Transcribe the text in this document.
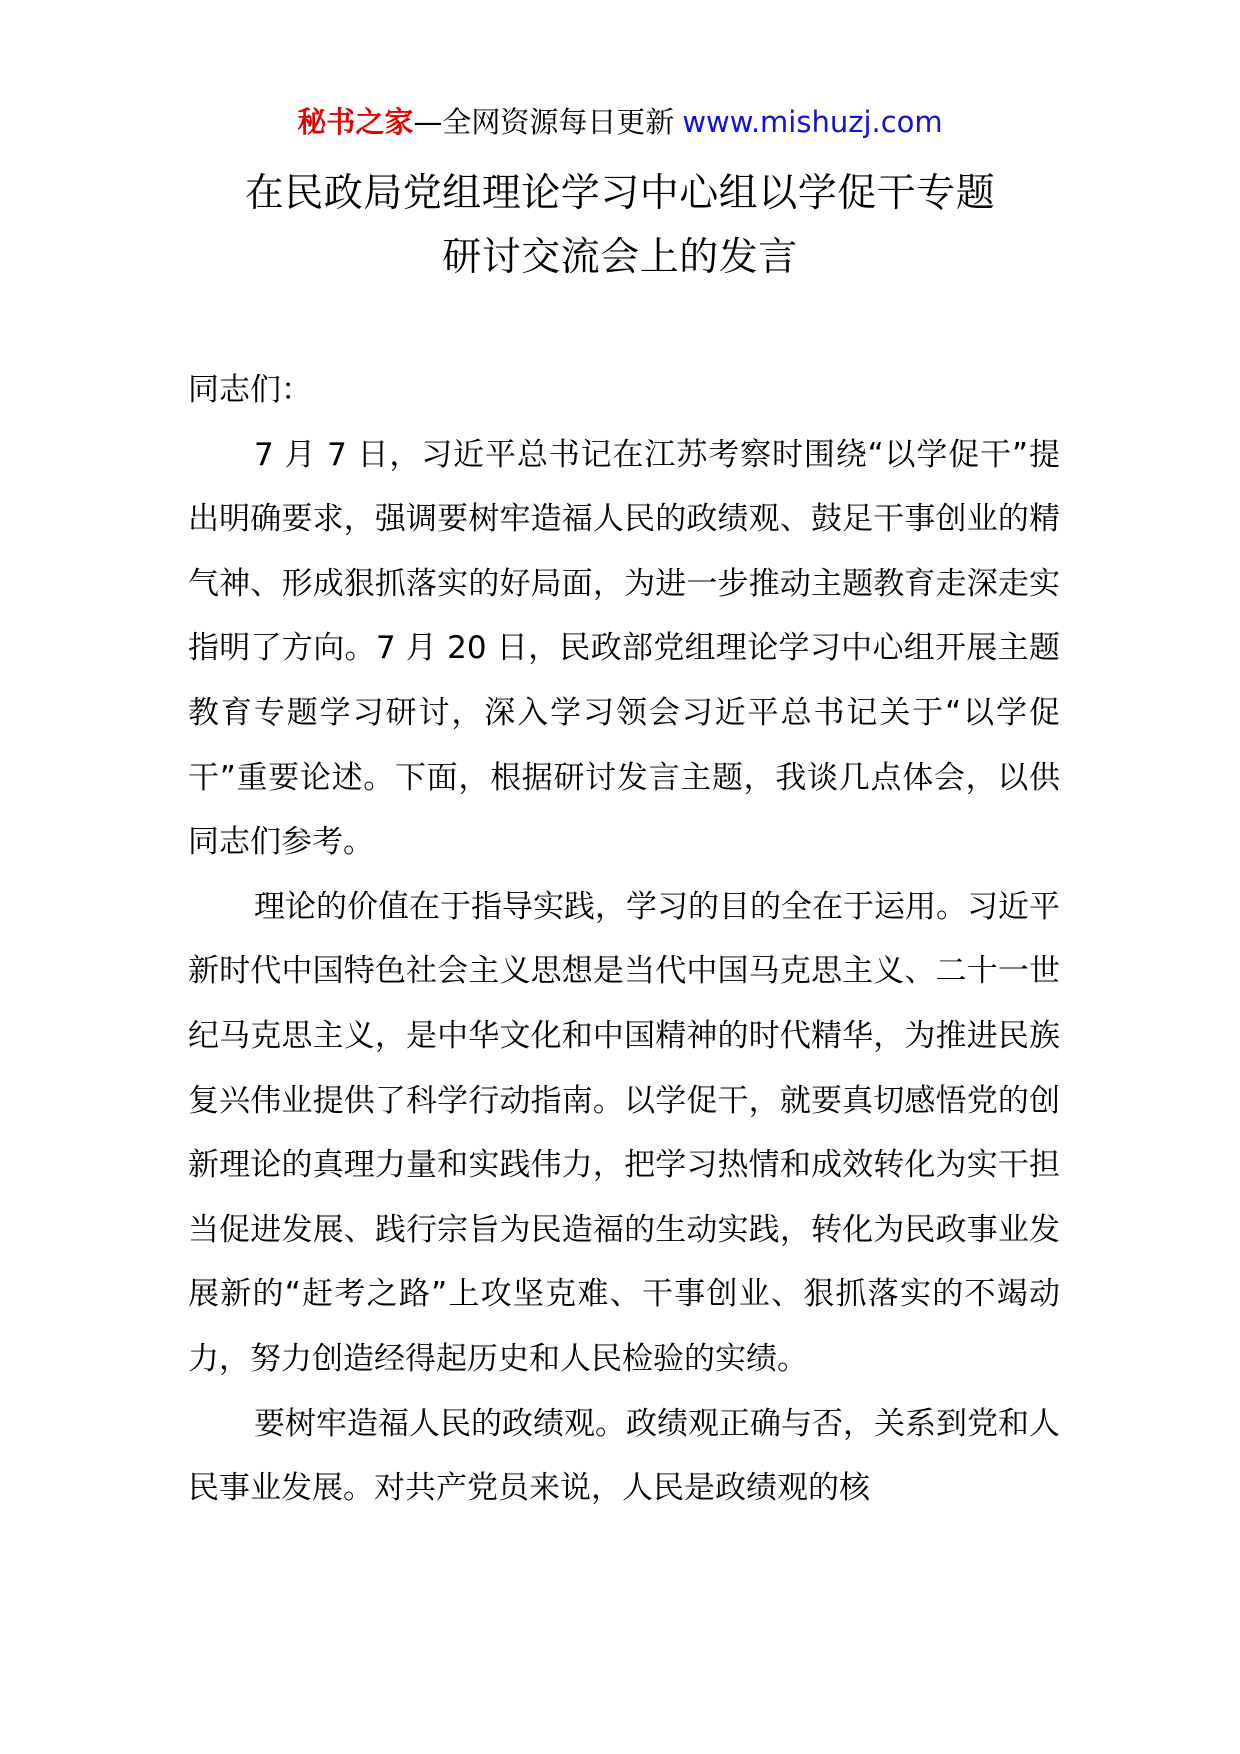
秘书之家—全网资源每日更新 www.mishuzj.com
在民政局党组理论学习中心组以学促干专题
研讨交流会上的发言

同志们：

7 月 7 日，习近平总书记在江苏考察时围绕“以学促干”提出明确要求，强调要树牢造福人民的政绩观、鼓足干事创业的精气神、形成狠抓落实的好局面，为进一步推动主题教育走深走实指明了方向。7 月 20 日，民政部党组理论学习中心组开展主题教育专题学习研讨，深入学习领会习近平总书记关于“以学促干”重要论述。下面，根据研讨发言主题，我谈几点体会，以供同志们参考。

理论的价值在于指导实践，学习的目的全在于运用。习近平新时代中国特色社会主义思想是当代中国马克思主义、二十一世纪马克思主义，是中华文化和中国精神的时代精华，为推进民族复兴伟业提供了科学行动指南。以学促干，就要真切感悟党的创新理论的真理力量和实践伟力，把学习热情和成效转化为实干担当促进发展、践行宗旨为民造福的生动实践，转化为民政事业发展新的“赶考之路”上攻坚克难、干事创业、狠抓落实的不竭动力，努力创造经得起历史和人民检验的实绩。

要树牢造福人民的政绩观。政绩观正确与否，关系到党和人民事业发展。对共产党员来说，人民是政绩观的核
